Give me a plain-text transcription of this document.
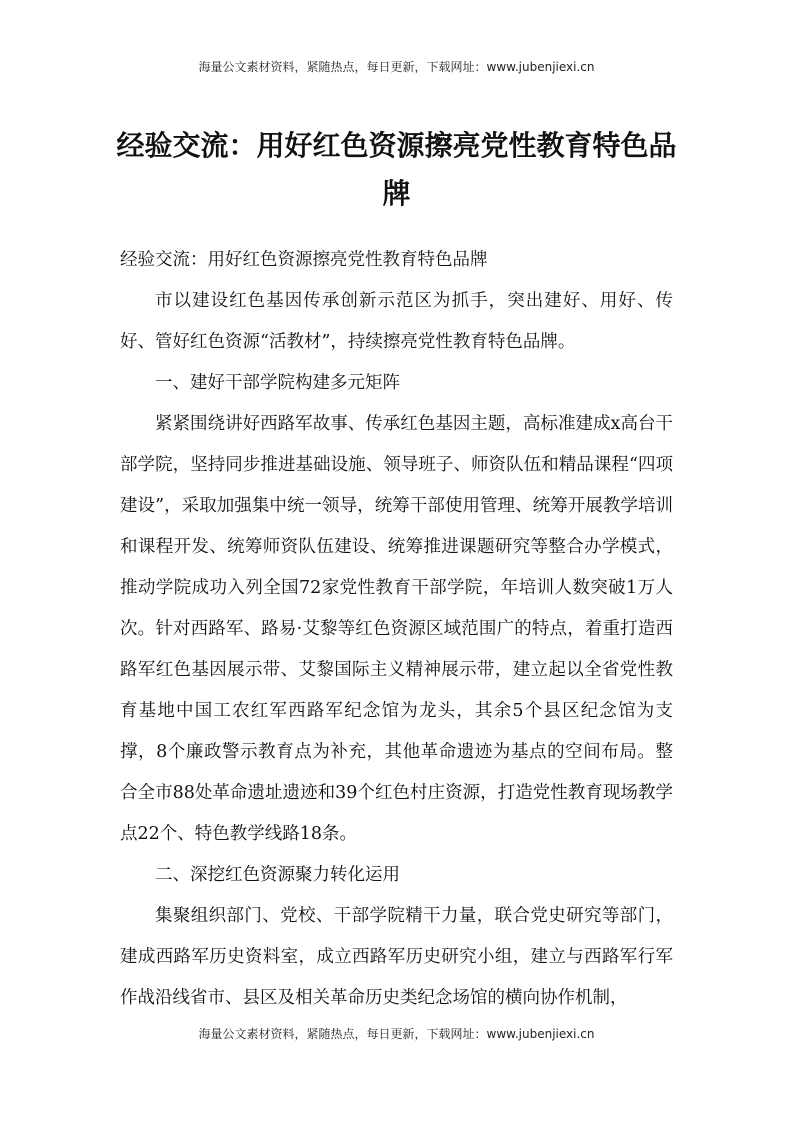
海量公文素材资料，紧随热点，每日更新，下载网址：www.jubenjiexi.cn
经验交流：用好红色资源擦亮党性教育特色品牌

经验交流：用好红色资源擦亮党性教育特色品牌

市以建设红色基因传承创新示范区为抓手，突出建好、用好、传好、管好红色资源“活教材”，持续擦亮党性教育特色品牌。

一、建好干部学院构建多元矩阵

紧紧围绕讲好西路军故事、传承红色基因主题，高标准建成x高台干部学院，坚持同步推进基础设施、领导班子、师资队伍和精品课程“四项建设”，采取加强集中统一领导，统筹干部使用管理、统筹开展教学培训和课程开发、统筹师资队伍建设、统筹推进课题研究等整合办学模式，推动学院成功入列全国72家党性教育干部学院，年培训人数突破1万人次。针对西路军、路易·艾黎等红色资源区域范围广的特点，着重打造西路军红色基因展示带、艾黎国际主义精神展示带，建立起以全省党性教育基地中国工农红军西路军纪念馆为龙头，其余5个县区纪念馆为支撑，8个廉政警示教育点为补充，其他革命遗迹为基点的空间布局。整合全市88处革命遗址遗迹和39个红色村庄资源，打造党性教育现场教学点22个、特色教学线路18条。

二、深挖红色资源聚力转化运用

集聚组织部门、党校、干部学院精干力量，联合党史研究等部门，建成西路军历史资料室，成立西路军历史研究小组，建立与西路军行军作战沿线省市、县区及相关革命历史类纪念场馆的横向协作机制，

海量公文素材资料，紧随热点，每日更新，下载网址：www.jubenjiexi.cn
